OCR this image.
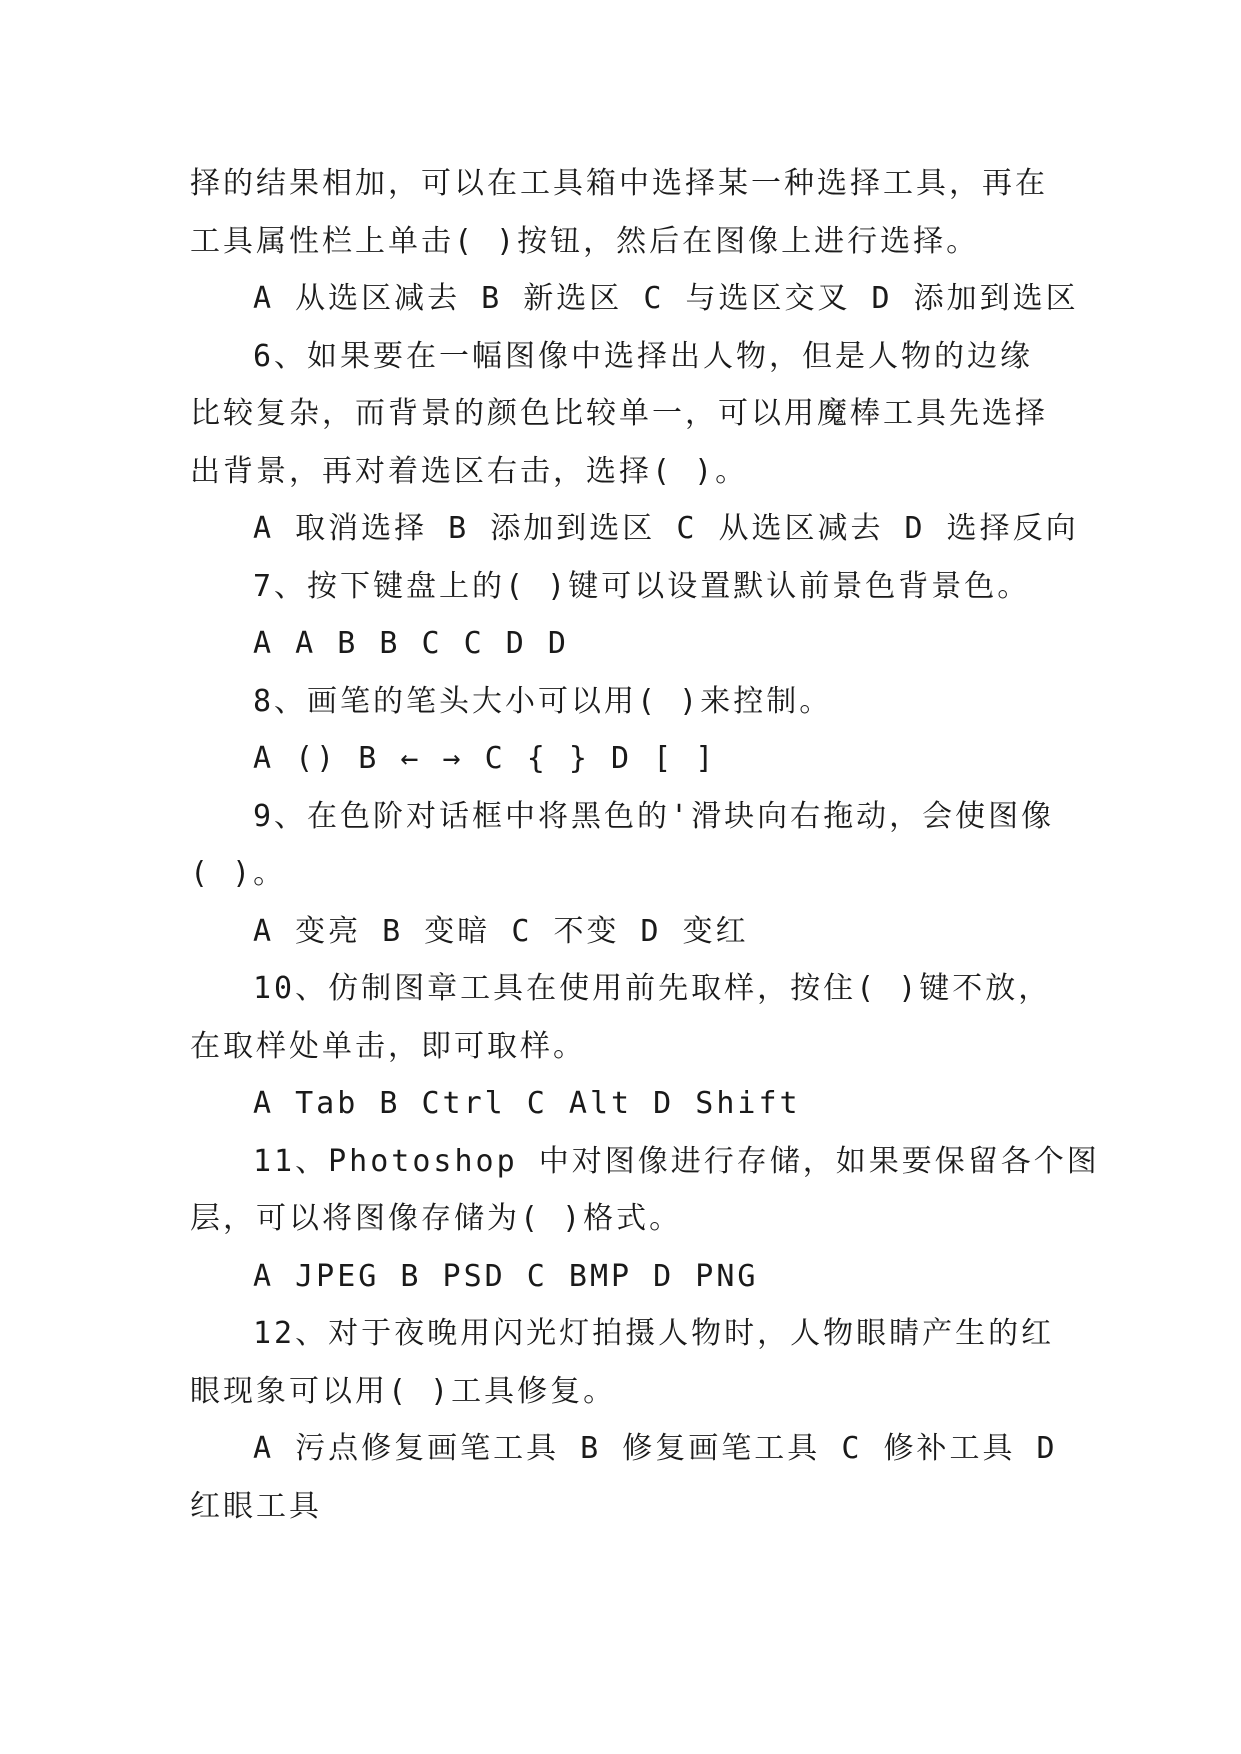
择的结果相加，可以在工具箱中选择某一种选择工具，再在
工具属性栏上单击( )按钮，然后在图像上进行选择。
A 从选区减去 B 新选区 C 与选区交叉 D 添加到选区
6、如果要在一幅图像中选择出人物，但是人物的边缘
比较复杂，而背景的颜色比较单一，可以用魔棒工具先选择
出背景，再对着选区右击，选择( )。
A 取消选择 B 添加到选区 C 从选区减去 D 选择反向
7、按下键盘上的( )键可以设置默认前景色背景色。
A A B B C C D D
8、画笔的笔头大小可以用( )来控制。
A () B ← → C { } D [ ]
9、在色阶对话框中将黑色的'滑块向右拖动，会使图像
( )。
A 变亮 B 变暗 C 不变 D 变红
10、仿制图章工具在使用前先取样，按住( )键不放，
在取样处单击，即可取样。
A Tab B Ctrl C Alt D Shift
11、Photoshop 中对图像进行存储，如果要保留各个图
层，可以将图像存储为( )格式。
A JPEG B PSD C BMP D PNG
12、对于夜晚用闪光灯拍摄人物时，人物眼睛产生的红
眼现象可以用( )工具修复。
A 污点修复画笔工具 B 修复画笔工具 C 修补工具 D
红眼工具
